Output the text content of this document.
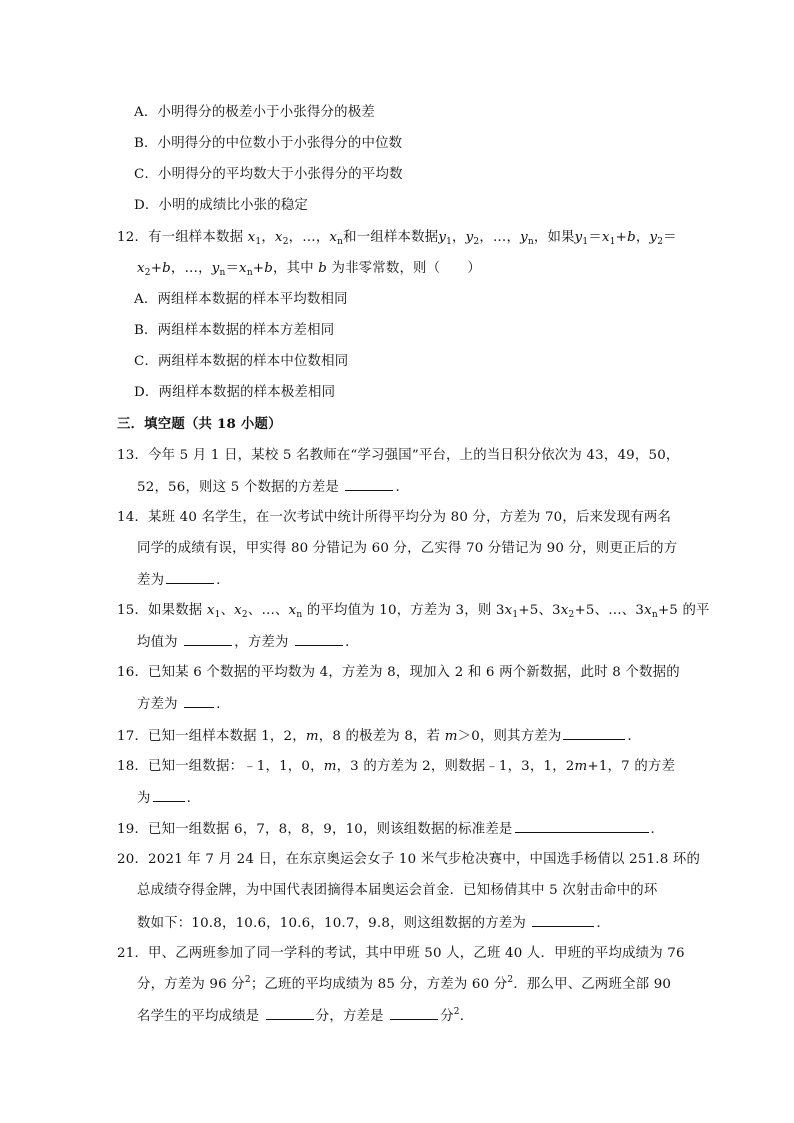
A．小明得分的极差小于小张得分的极差
B．小明得分的中位数小于小张得分的中位数
C．小明得分的平均数大于小张得分的平均数
D．小明的成绩比小张的稳定
12．有一组样本数据 $x_1$，$x_2$，…，$x_n$和一组样本数据$y_1$，$y_2$，…，$y_n$，如果$y_1=x_1+b$，$y_2=$
$x_2+b$，…，$y_n=x_n+b$，其中 b 为非零常数，则（　　）
A．两组样本数据的样本平均数相同
B．两组样本数据的样本方差相同
C．两组样本数据的样本中位数相同
D．两组样本数据的样本极差相同
三．填空题（共 18 小题）
13．今年 5 月 1 日，某校 5 名教师在“学习强国”平台，上的当日积分依次为 43，49，50，
52，56，则这 5 个数据的方差是	．
14．某班 40 名学生，在一次考试中统计所得平均分为 80 分，方差为 70，后来发现有两名
同学的成绩有误，甲实得 80 分错记为 60 分，乙实得 70 分错记为 90 分，则更正后的方
差为	．
15．如果数据 $x_1$、$x_2$、…、$x_n$ 的平均值为 10，方差为 3，则 $3x_1+5$、$3x_2+5$、…、$3x_n+5$ 的平
均值为	，方差为	．
16．已知某 6 个数据的平均数为 4，方差为 8，现加入 2 和 6 两个新数据，此时 8 个数据的
方差为	．
17．已知一组样本数据 1，2，m，8 的极差为 8，若 m＞0，则其方差为	．
18．已知一组数据：﹣1，1，0，m，3 的方差为 2，则数据﹣1，3，1，2m+1，7 的方差
为	．
19．已知一组数据 6，7，8，8，9，10，则该组数据的标准差是	．
20．2021 年 7 月 24 日，在东京奥运会女子 10 米气步枪决赛中，中国选手杨倩以 251.8 环的
总成绩夺得金牌，为中国代表团摘得本届奥运会首金．已知杨倩其中 5 次射击命中的环
数如下：10.8，10.6，10.6，10.7，9.8，则这组数据的方差为	．
21．甲、乙两班参加了同一学科的考试，其中甲班 50 人，乙班 40 人．甲班的平均成绩为 76
分，方差为 96 分$^2$；乙班的平均成绩为 85 分，方差为 60 分$^2$．那么甲、乙两班全部 90
名学生的平均成绩是	分，方差是	分$^2$．
